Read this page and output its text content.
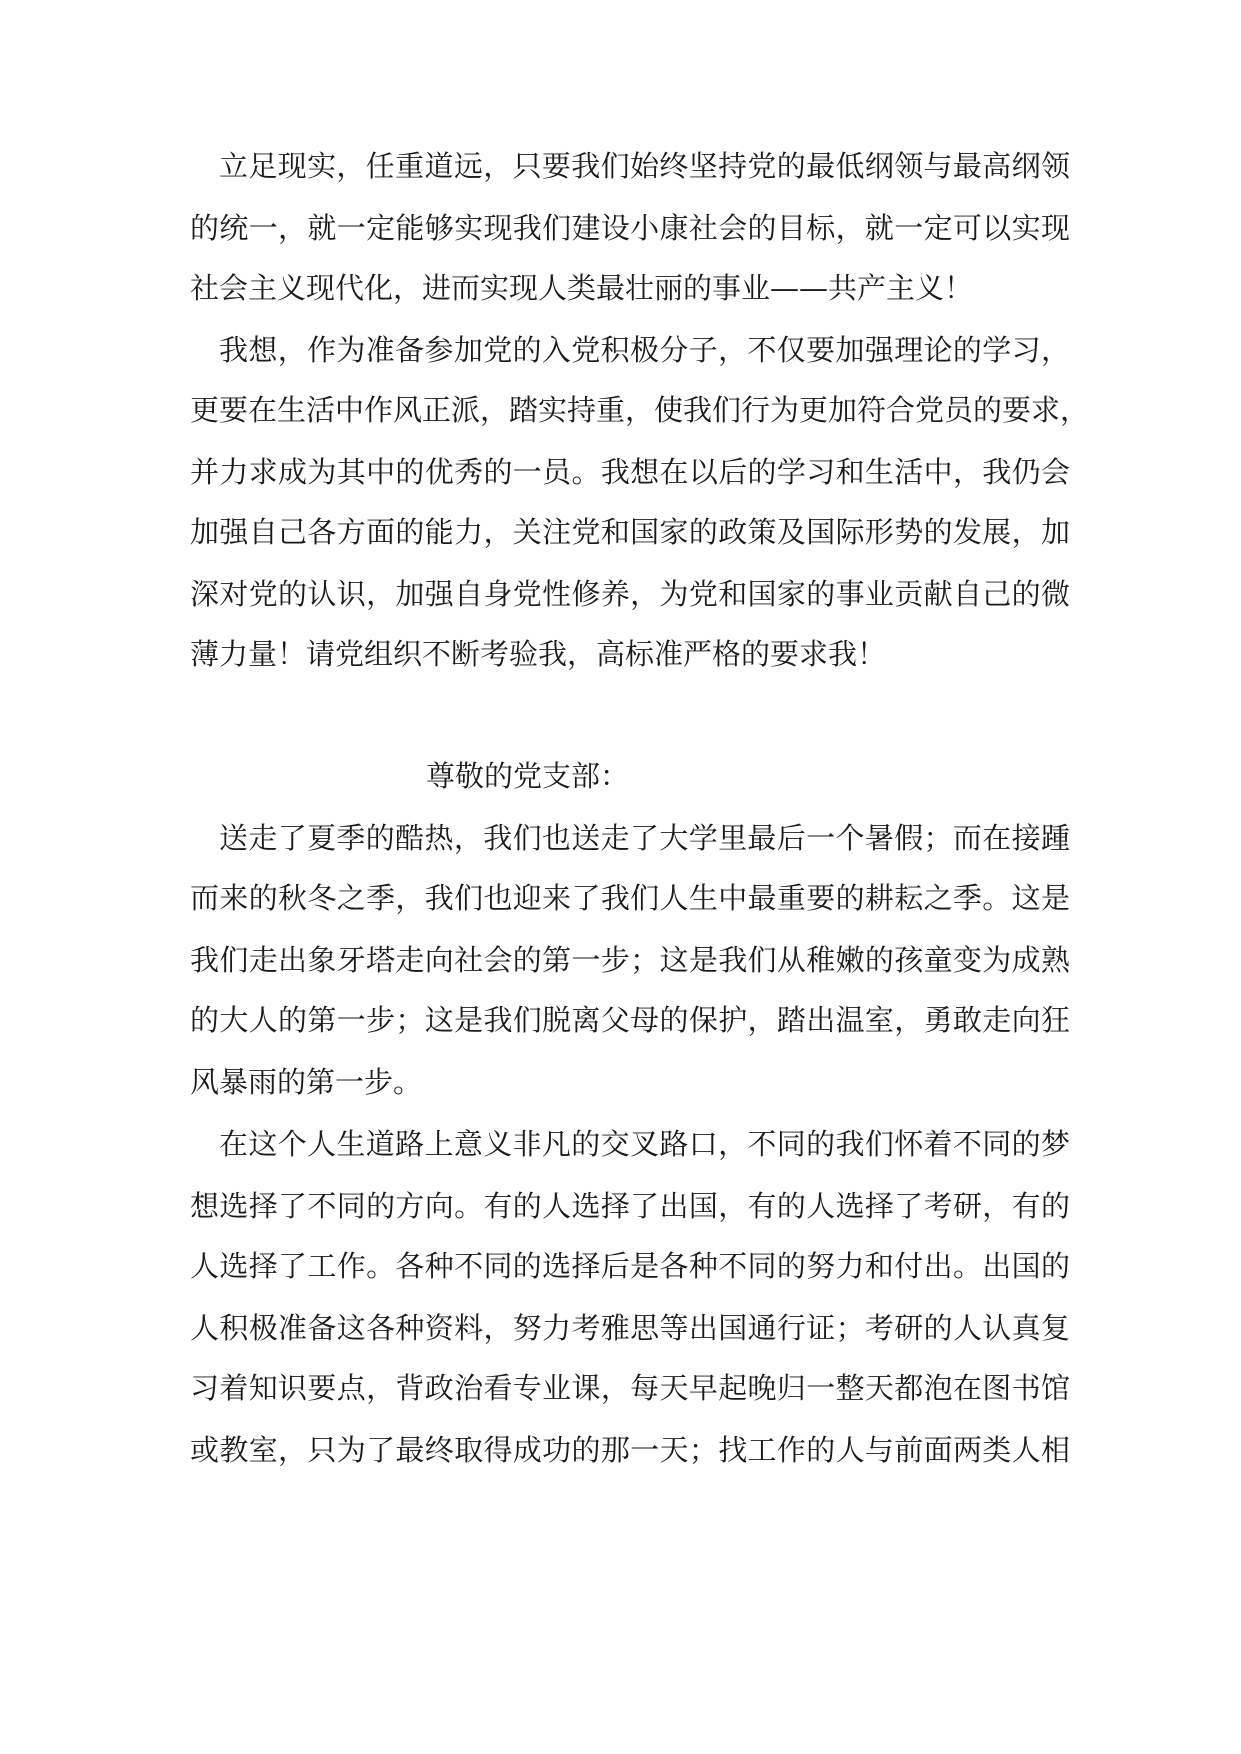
立足现实，任重道远，只要我们始终坚持党的最低纲领与最高纲领

的统一，就一定能够实现我们建设小康社会的目标，就一定可以实现

社会主义现代化，进而实现人类最壮丽的事业——共产主义！

我想，作为准备参加党的入党积极分子，不仅要加强理论的学习，

更要在生活中作风正派，踏实持重，使我们行为更加符合党员的要求，

并力求成为其中的优秀的一员。我想在以后的学习和生活中，我仍会

加强自己各方面的能力，关注党和国家的政策及国际形势的发展，加

深对党的认识，加强自身党性修养，为党和国家的事业贡献自己的微

薄力量！请党组织不断考验我，高标准严格的要求我！

尊敬的党支部：

送走了夏季的酷热，我们也送走了大学里最后一个暑假；而在接踵

而来的秋冬之季，我们也迎来了我们人生中最重要的耕耘之季。这是

我们走出象牙塔走向社会的第一步；这是我们从稚嫩的孩童变为成熟

的大人的第一步；这是我们脱离父母的保护，踏出温室，勇敢走向狂

风暴雨的第一步。

在这个人生道路上意义非凡的交叉路口，不同的我们怀着不同的梦

想选择了不同的方向。有的人选择了出国，有的人选择了考研，有的

人选择了工作。各种不同的选择后是各种不同的努力和付出。出国的

人积极准备这各种资料，努力考雅思等出国通行证；考研的人认真复

习着知识要点，背政治看专业课，每天早起晚归一整天都泡在图书馆

或教室，只为了最终取得成功的那一天；找工作的人与前面两类人相
